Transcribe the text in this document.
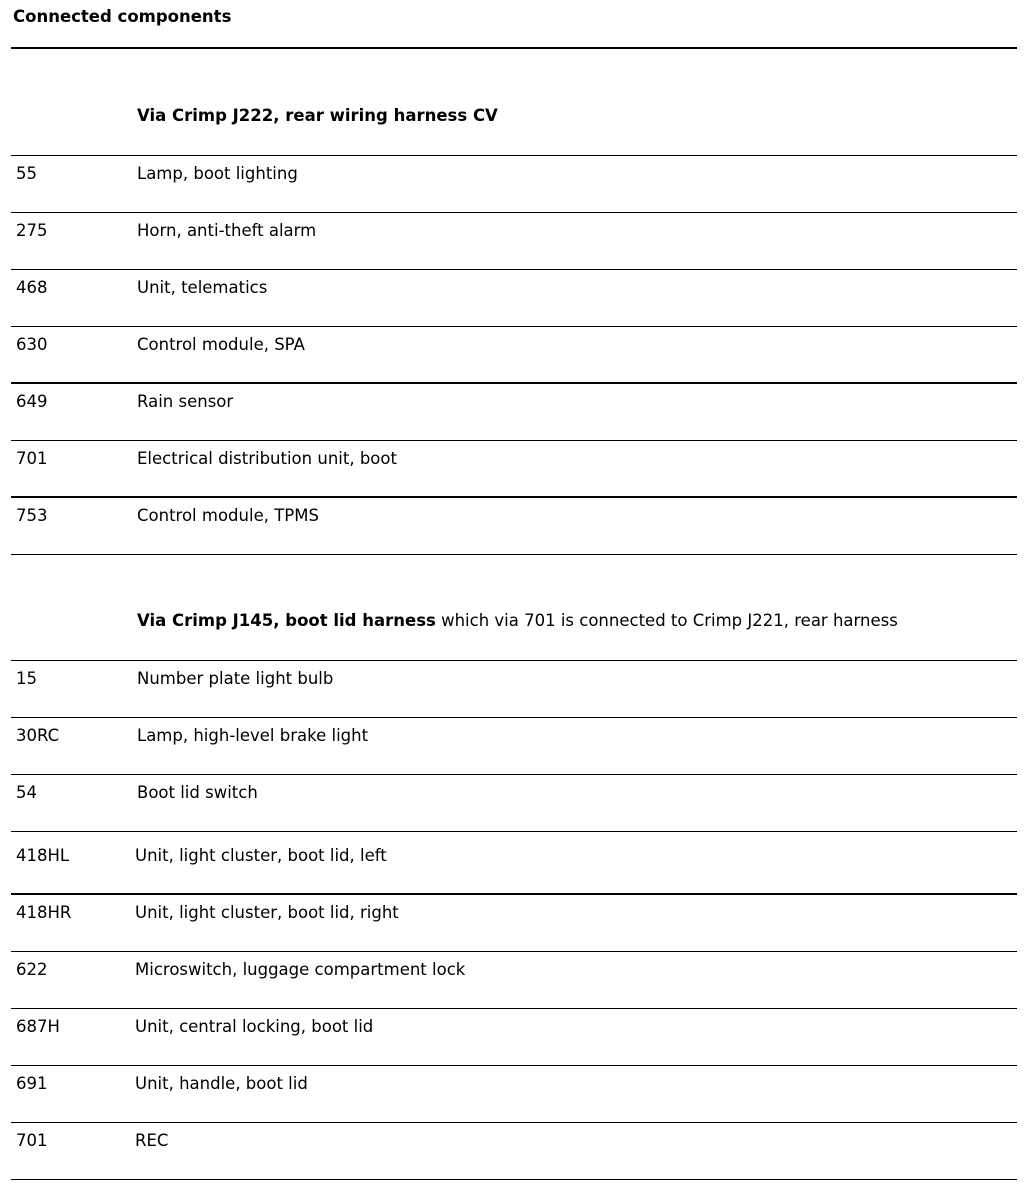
Connected components
Via Crimp J222, rear wiring harness CV
55	Lamp, boot lighting
275	Horn, anti-theft alarm
468	Unit, telematics
630	Control module, SPA
649	Rain sensor
701	Electrical distribution unit, boot
753	Control module, TPMS
Via Crimp J145, boot lid harness which via 701 is connected to Crimp J221, rear harness
15	Number plate light bulb
30RC	Lamp, high-level brake light
54	Boot lid switch
418HL	Unit, light cluster, boot lid, left
418HR	Unit, light cluster, boot lid, right
622	Microswitch, luggage compartment lock
687H	Unit, central locking, boot lid
691	Unit, handle, boot lid
701	REC
